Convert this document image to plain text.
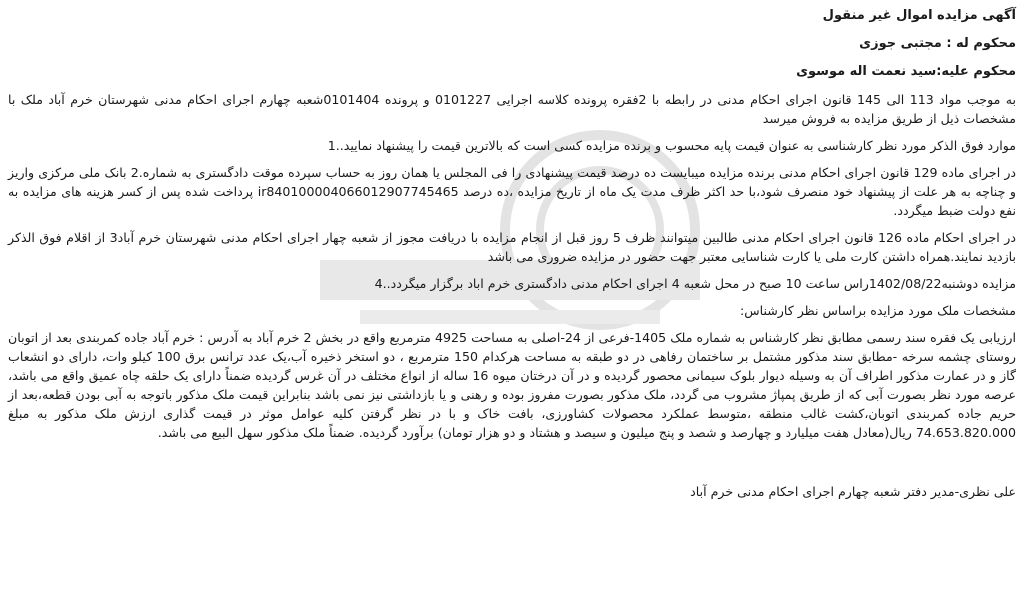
آگهی مزایده اموال غیر منقول

محکوم له : مجتبی جوزی

محکوم علیه:سید نعمت اله موسوی

به موجب مواد 113 الی 145 قانون اجرای احکام مدنی در رابطه با 2فقره پرونده کلاسه اجرایی 0101227 و پرونده 0101404شعبه چهارم اجرای احکام مدنی شهرستان خرم آباد ملک با مشخصات ذیل از طریق مزایده به فروش میرسد

موارد فوق الذکر مورد نظر کارشناسی به عنوان قیمت پایه محسوب و برنده مزایده کسی است که بالاترین قیمت را پیشنهاد نمایید..1

در اجرای ماده 129 قانون اجرای احکام مدنی برنده مزایده میبایست ده درصد قیمت پیشنهادی را فی المجلس یا همان روز به حساب سپرده موقت دادگستری به شماره.2 بانک ملی مرکزی واریز و چناچه به هر علت از پیشنهاد خود منصرف شود،با حد اکثر ظرف مدت یک ماه از تاریخ مزایده ،ده درصد ir840100004066012907745465 پرداخت شده پس از کسر هزینه های مزایده به نفع دولت ضبط میگردد.

در اجرای احکام ماده 126 قانون اجرای احکام مدنی طالبین میتوانند ظرف 5 روز قبل از انجام مزایده با دریافت مجوز از شعبه چهار اجرای احکام مدنی شهرستان خرم آباد3 از اقلام فوق الذکر بازدید نمایند.همراه داشتن کارت ملی یا کارت شناسایی معتبر جهت حضور در مزایده ضروری می باشد

مزایده دوشنبه1402/08/22راس ساعت 10 صبح در محل شعبه 4 اجرای احکام مدنی دادگستری خرم اباد برگزار میگردد..4

مشخصات ملک مورد مزایده براساس نظر کارشناس:

ارزیابی یک فقره سند رسمی مطابق نظر کارشناس به شماره ملک 1405-فرعی از 24-اصلی به مساحت 4925 مترمربع واقع در بخش 2 خرم آباد به آدرس : خرم آباد جاده کمربندی بعد از اتوبان روستای چشمه سرخه -مطابق سند مذکور مشتمل بر ساختمان رفاهی در دو طبقه به مساحت هرکدام 150 مترمربع ، دو استخر ذخیره آب،یک عدد ترانس برق 100 کیلو وات، دارای دو انشعاب گاز و در عمارت مذکور اطراف آن به وسیله دیوار بلوک سیمانی محصور گردیده و در آن درختان میوه 16 ساله از انواع مختلف در آن غرس گردیده ضمناً دارای یک حلقه چاه عمیق واقع می باشد، عرصه مورد نظر بصورت آبی که از طریق پمپاژ مشروب می گردد، ملک مذکور بصورت مفروز بوده و رهنی و یا بازداشتی نیز نمی باشد بنابراین قیمت ملک مذکور باتوجه به آبی بودن قطعه،بعد از حریم جاده کمربندی اتوبان،کشت غالب منطقه ،متوسط عملکرد محصولات کشاورزی، بافت خاک و با در نظر گرفتن کلیه عوامل موثر در قیمت گذاری ارزش ملک مذکور به مبلغ 74.653.820.000 ریال(معادل هفت میلیارد و چهارصد و شصد و پنج میلیون و سیصد و هشتاد و دو هزار تومان) برآورد گردیده. ضمناً ملک مذکور سهل البیع می باشد.

علی نظری-مدیر دفتر شعبه چهارم اجرای احکام مدنی خرم آباد
